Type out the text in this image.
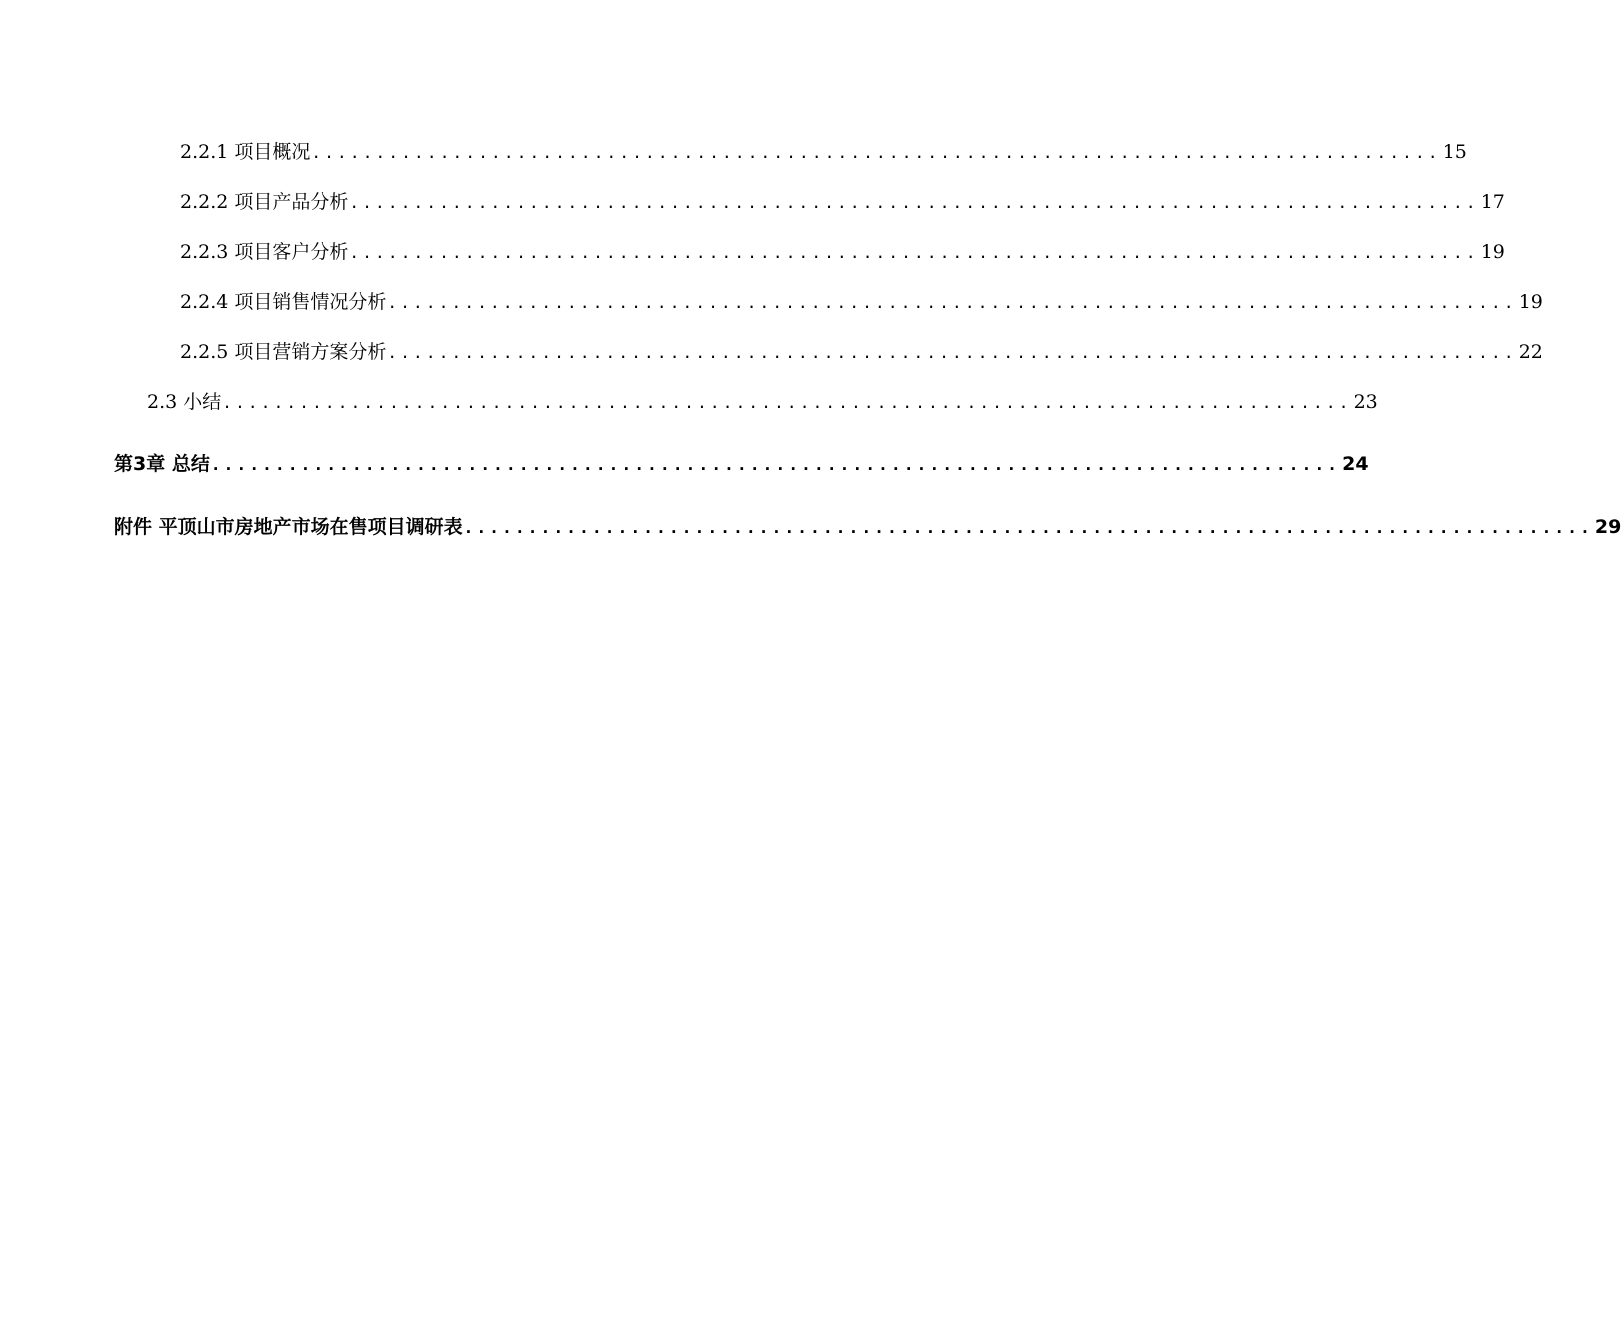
2.2.1 项目概况 ........................................................................................ 15
2.2.2 项目产品分析 ........................................................................................ 17
2.2.3 项目客户分析 ........................................................................................ 19
2.2.4 项目销售情况分析 ........................................................................................ 19
2.2.5 项目营销方案分析 ........................................................................................ 22
2.3 小结 ........................................................................................ 23
第3章 总结 ........................................................................................ 24
附件 平顶山市房地产市场在售项目调研表 ........................................................................................ 29
